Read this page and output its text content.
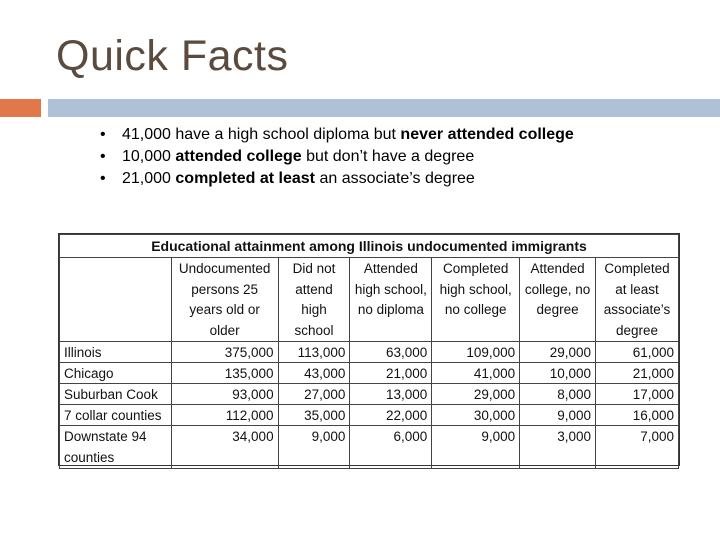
Quick Facts
• 41,000 have a high school diploma but never attended college
• 10,000 attended college but don’t have a degree
• 21,000 completed at least an associate’s degree
Educational attainment among Illinois undocumented immigrants						
	Undocumented persons 25 years old or older	Did not attend high school	Attended high school, no diploma	Completed high school, no college	Attended college, no degree	Completed at least associate’s degree
Illinois	375,000	113,000	63,000	109,000	29,000	61,000
Chicago	135,000	43,000	21,000	41,000	10,000	21,000
Suburban Cook	93,000	27,000	13,000	29,000	8,000	17,000
7 collar counties	112,000	35,000	22,000	30,000	9,000	16,000
Downstate 94 counties	34,000	9,000	6,000	9,000	3,000	7,000
